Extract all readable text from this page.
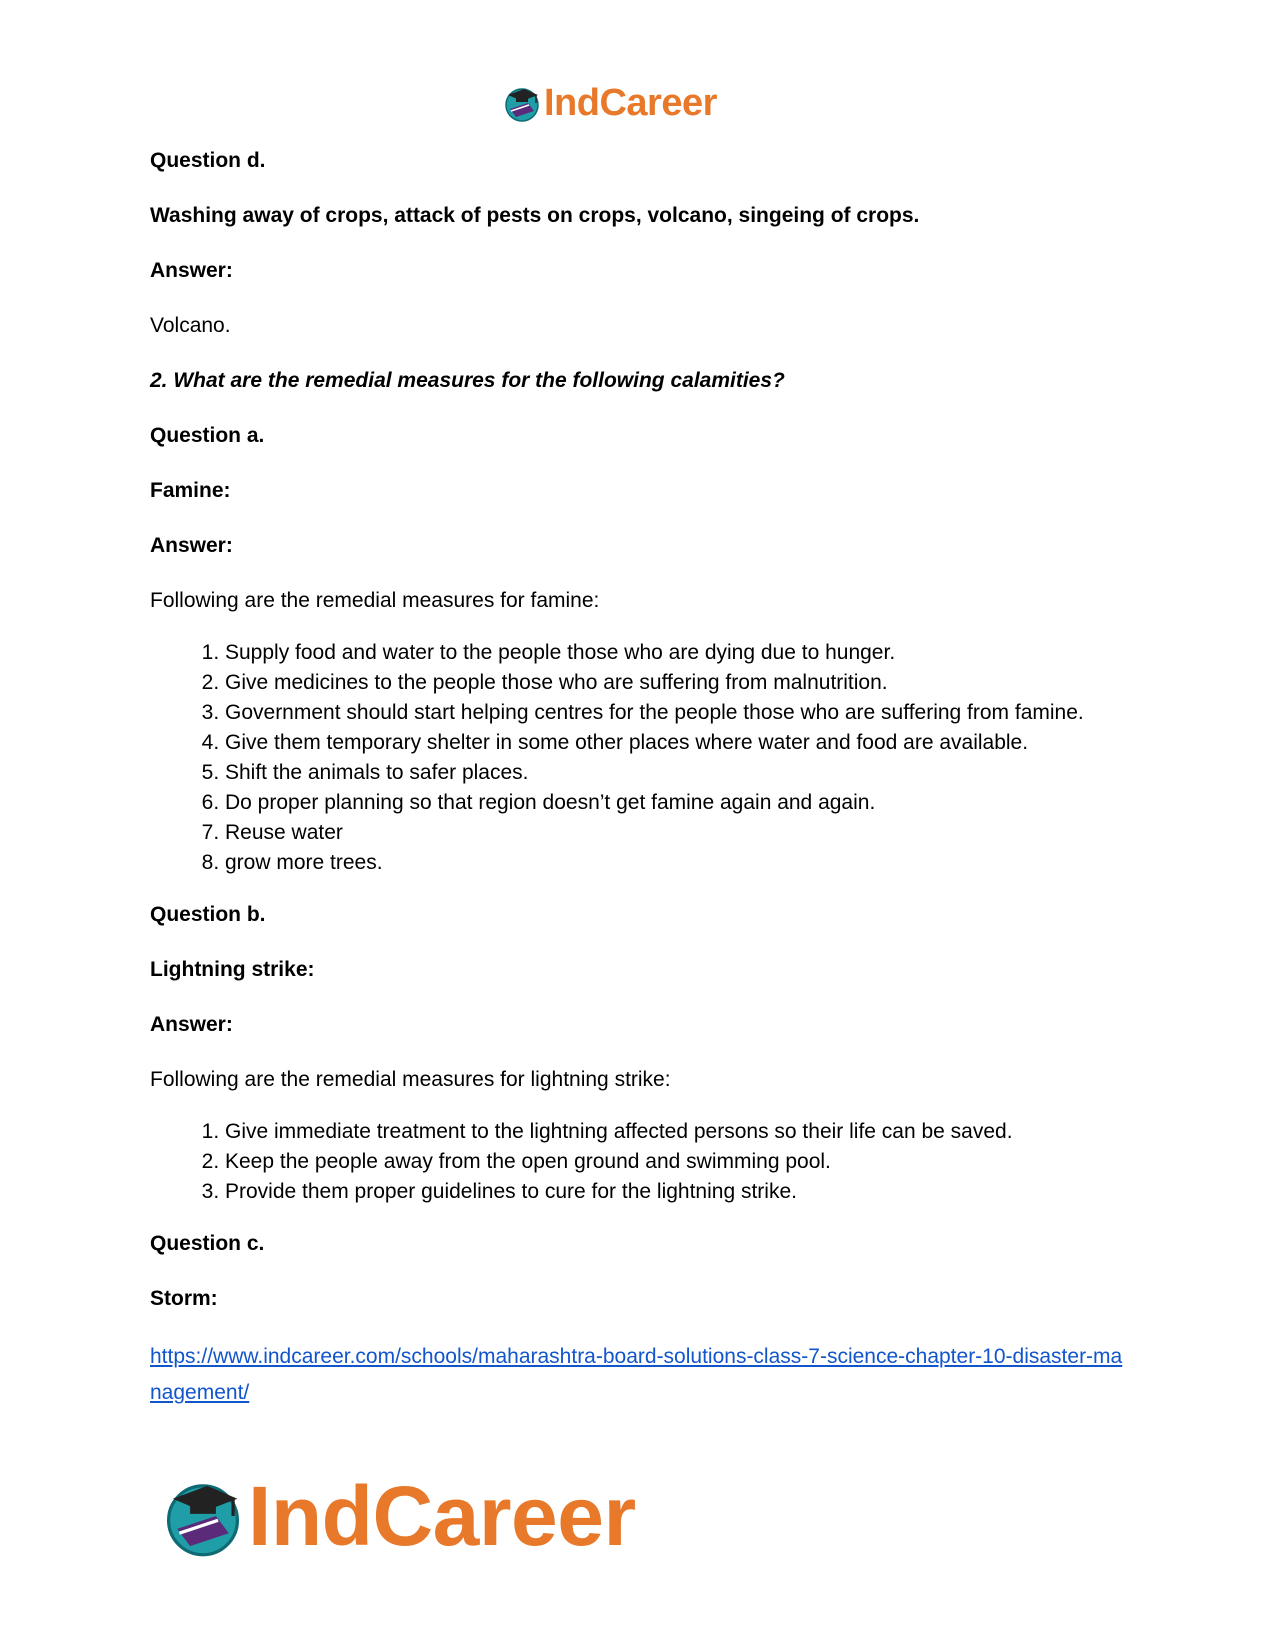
IndCareer

Question d.

Washing away of crops, attack of pests on crops, volcano, singeing of crops.

Answer:

Volcano.

2. What are the remedial measures for the following calamities?

Question a.

Famine:

Answer:

Following are the remedial measures for famine:

1. Supply food and water to the people those who are dying due to hunger.
2. Give medicines to the people those who are suffering from malnutrition.
3. Government should start helping centres for the people those who are suffering from famine.
4. Give them temporary shelter in some other places where water and food are available.
5. Shift the animals to safer places.
6. Do proper planning so that region doesn’t get famine again and again.
7. Reuse water
8. grow more trees.

Question b.

Lightning strike:

Answer:

Following are the remedial measures for lightning strike:

1. Give immediate treatment to the lightning affected persons so their life can be saved.
2. Keep the people away from the open ground and swimming pool.
3. Provide them proper guidelines to cure for the lightning strike.

Question c.

Storm:

https://www.indcareer.com/schools/maharashtra-board-solutions-class-7-science-chapter-10-disaster-management/
IndCareer
